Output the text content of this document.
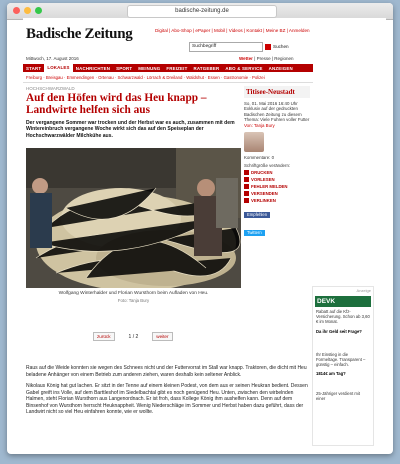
badische-zeitung.de
Digital | Abo-Shop | ePaper | Mobil | Videos | Kontakt | Meine BZ | Anmelden
Badische Zeitung
Suchbegriff	Suchen
Mittwoch, 17. August 2016	Wetter | Presse | Regionen
START	LOKALES	NACHRICHTEN	SPORT	MEINUNG	FREIZEIT	RATGEBER	ABO & SERVICE	ANZEIGEN
Freiburg · Breisgau · Emmendingen · Ortenau · Schwarzwald · Lörrach & Dreiland · Waldshut · Essen · Gastronomie · Polizei
HOCHSCHWARZWALD
Auf den Höfen wird das Heu knapp – Landwirte helfen sich aus
Der vergangene Sommer war trocken und der Herbst war es auch, zusammen mit dem Wintereinbruch vergangene Woche wirkt sich das auf den Speiseplan der Hochschwarzwälder Milchkühe aus.
Wolfgang Winterhalder und Florian Wursthorn beim Aufladen von Heu.
Foto: Tanja Bury
zurück	1 / 2	weiter

Raus auf die Weide konnten sie wegen des Schnees nicht und der Futtervorrat im Stall war knapp. Traktoren, die dicht mit Heu beladene Anhänger von einem Betrieb zum anderen ziehen, waren deshalb kein seltener Anblick.

Nikolaus König hat gut lachen. Er sitzt in der Tenne auf einem kleinen Podest, von dem aus er seinen Heukran bedient. Dessen Gabel greift ins Volle, auf dem Barttleshof im Siedelbachtal gibt es noch genügend Heu. Unten, zwischen den wirbelnden Halmen, steht Florian Wursthorn aus Langenordnach. Er ist froh, dass Kollege König ihm aushelfen kann. Denn auf dem Binsenhof von Wursthorn herrscht Heuknappheit. Wenig Niederschläge im Sommer und Herbst haben dazu geführt, dass der Landwirt nicht so viel Heu einfahren konnte, wie er wollte.

Titisee-Neustadt
So, 01. Mai 2016 16:40 Uhr
Exklusiv auf der gedruckten Badischen Zeitung zu diesem Thema: Viele Fuhren voller Futter
Von: Tanja Bury
Kommentare: 0
Schriftgröße verändern:
DRUCKEN
VORLESEN
FEHLER MELDEN
VERSENDEN
VERLINKEN
Empfehlen
Twittern
Anzeige
DEVK
Rabatt auf die Kfz-Versicherung. Schon ab 3,60 € im Monat.
Da ihr Geld seit Frage?
Ihr Einstieg in die Formeltage. Transparent – günstig – einfach.
1814€ am Tag?
25-Jähriger verdient mit einer
